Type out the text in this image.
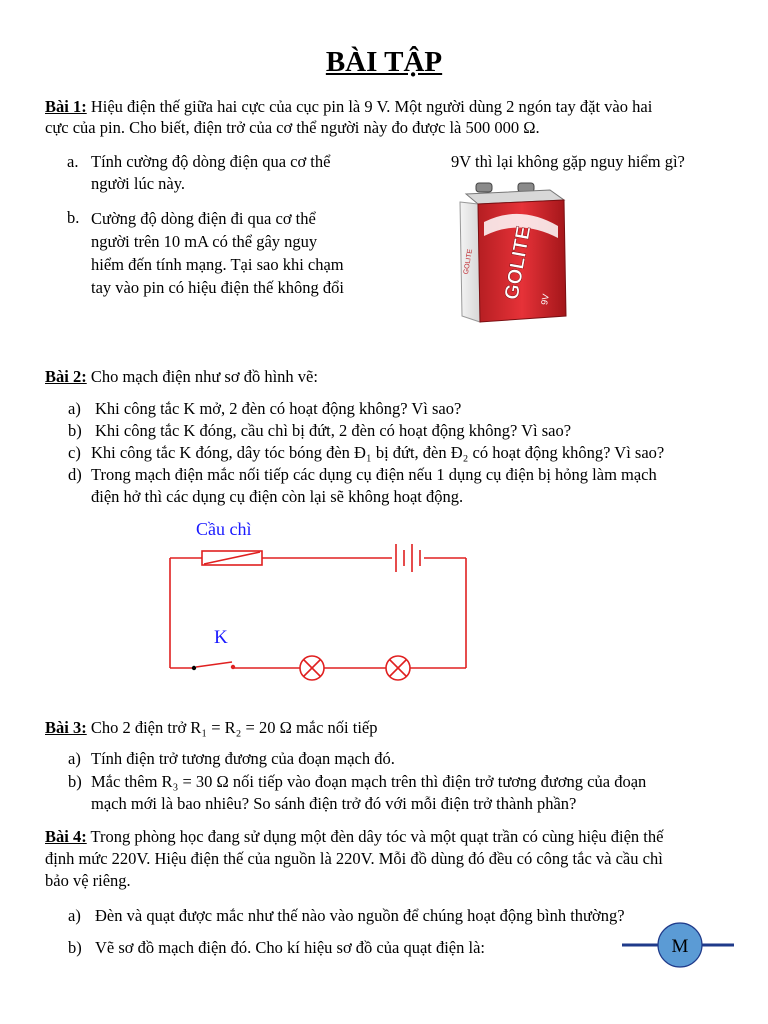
BÀI TẬP
Bài 1: Hiệu điện thế giữa hai cực của cục pin là 9 V. Một người dùng 2 ngón tay đặt vào hai
cực của pin. Cho biết, điện trở của cơ thể người này đo được là 500 000 Ω.
a. Tính cường độ dòng điện qua cơ thể
người lúc này.
b. Cường độ dòng điện đi qua cơ thể
người trên 10 mA có thể gây nguy
hiểm đến tính mạng. Tại sao khi chạm
tay vào pin có hiệu điện thế không đổi
9V thì lại không gặp nguy hiểm gì?
GOLITE 9V
GOLITE
Bài 2: Cho mạch điện như sơ đồ hình vẽ:
a) Khi công tắc K mở, 2 đèn có hoạt động không? Vì sao?
b) Khi công tắc K đóng, cầu chì bị đứt, 2 đèn có hoạt động không? Vì sao?
c) Khi công tắc K đóng, dây tóc bóng đèn Đ₁ bị đứt, đèn Đ₂ có hoạt động không? Vì sao?
d) Trong mạch điện mắc nối tiếp các dụng cụ điện nếu 1 dụng cụ điện bị hỏng làm mạch
điện hở thì các dụng cụ điện còn lại sẽ không hoạt động.
Cầu chì
K
Bài 3: Cho 2 điện trở R₁ = R₂ = 20 Ω mắc nối tiếp
a) Tính điện trở tương đương của đoạn mạch đó.
b) Mắc thêm R₃ = 30 Ω nối tiếp vào đoạn mạch trên thì điện trở tương đương của đoạn
mạch mới là bao nhiêu? So sánh điện trở đó với mỗi điện trở thành phần?
Bài 4: Trong phòng học đang sử dụng một đèn dây tóc và một quạt trần có cùng hiệu điện thế
định mức 220V. Hiệu điện thế của nguồn là 220V. Mỗi đồ dùng đó đều có công tắc và cầu chì
bảo vệ riêng.
a) Đèn và quạt được mắc như thế nào vào nguồn để chúng hoạt động bình thường?
b) Vẽ sơ đồ mạch điện đó. Cho kí hiệu sơ đồ của quạt điện là:	M
